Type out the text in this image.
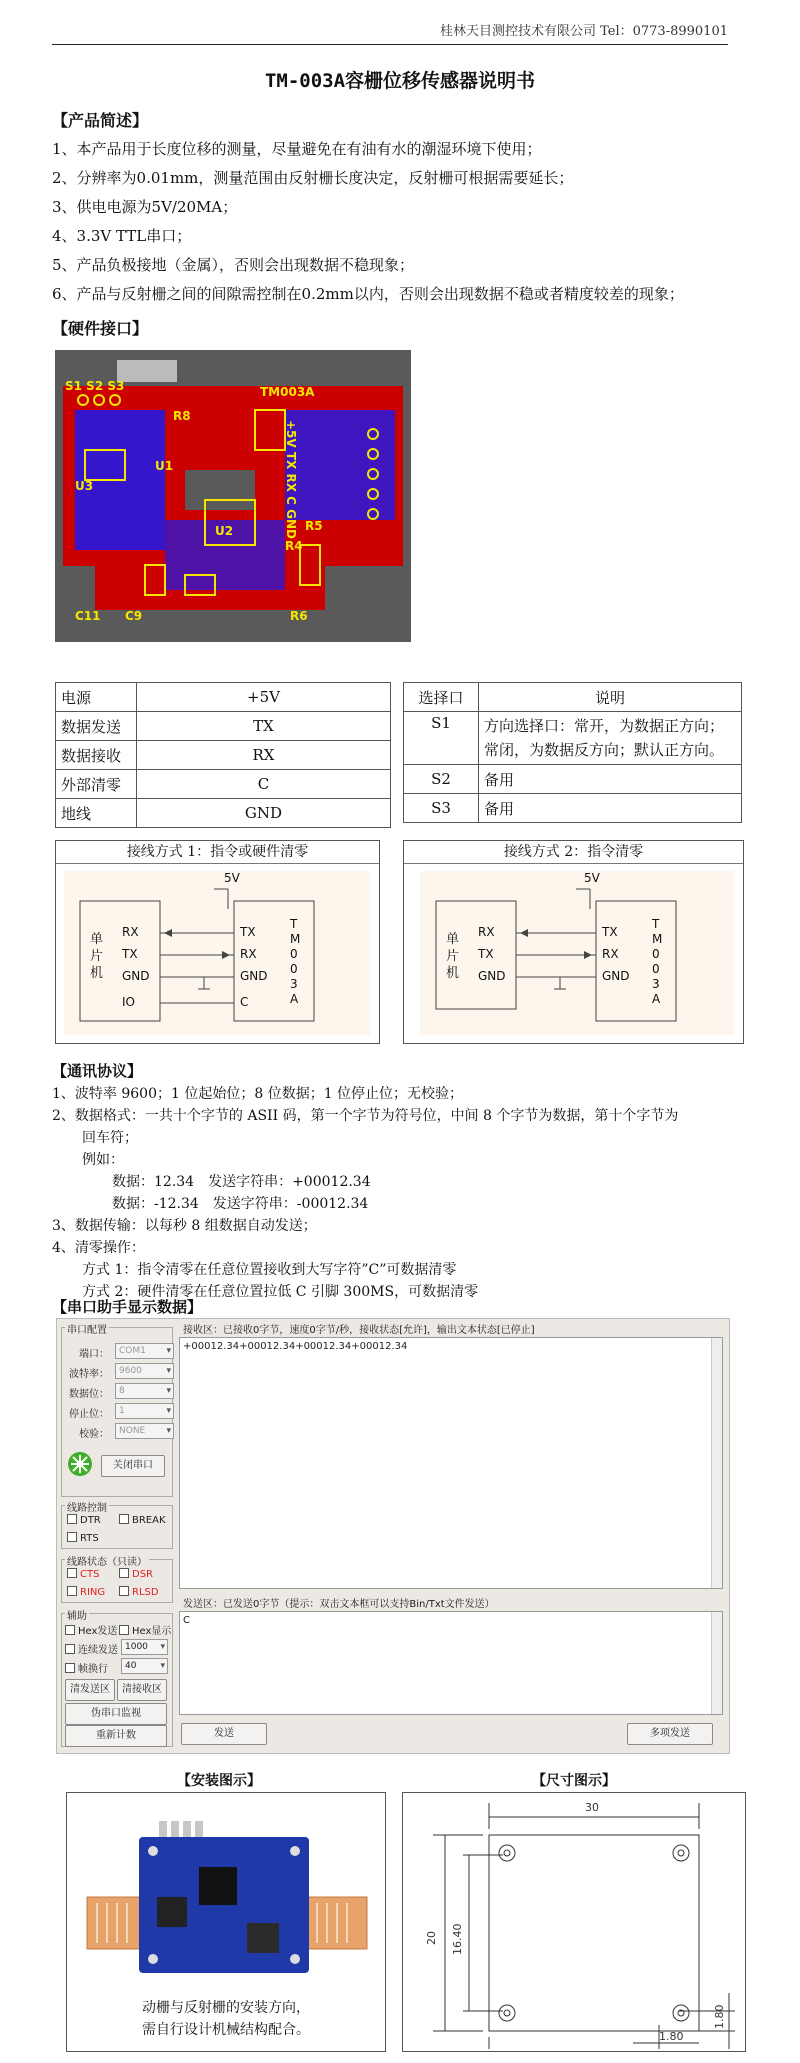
桂林天目测控技术有限公司 Tel：0773-8990101
TM-003A容栅位移传感器说明书
【产品简述】
1、本产品用于长度位移的测量，尽量避免在有油有水的潮湿环境下使用；
2、分辨率为0.01mm，测量范围由反射栅长度决定，反射栅可根据需要延长；
3、供电电源为5V/20MA；
4、3.3V TTL串口；
5、产品负极接地（金属），否则会出现数据不稳现象；
6、产品与反射栅之间的间隙需控制在0.2mm以内，否则会出现数据不稳或者精度较差的现象；
【硬件接口】
S1 S2 S3	TM003A
C11 C9	R6
U2
U3
R5
R8
R4
U1	+5V TX RX C GND
电源	+5V
数据发送	TX
数据接收	RX
外部清零	C
地线	GND
选择口	说明
S1	方向选择口：常开，为数据正方向；常闭，为数据反方向；默认正方向。
S2	备用
S3	备用
接线方式 1：指令或硬件清零
5V
单片机
RX
TX
GND
IO
TX
RX
GND
C
TM003A
接线方式 2：指令清零
5V
单片机
RX
TX
GND
TX
RX
GND
TM003A
【通讯协议】
1、波特率 9600；1 位起始位；8 位数据；1 位停止位；无校验；
2、数据格式：一共十个字节的 ASII 码，第一个字节为符号位，中间 8 个字节为数据，第十个字节为
回车符；
例如：
数据：12.34　发送字符串：+00012.34
数据：-12.34　发送字符串：-00012.34
3、数据传输：以每秒 8 组数据自动发送；
4、清零操作：
方式 1：指令清零在任意位置接收到大写字符”C”可数据清零
方式 2：硬件清零在任意位置拉低 C 引脚 300MS，可数据清零
【串口助手显示数据】
串口配置
端口：	COM1 ▾
波特率：	9600 ▾
数据位：	8 ▾
停止位：	1 ▾
校验：	NONE ▾
关闭串口
线路控制
DTR	BREAK
RTS
线路状态（只读）
CTS	DSR
RING	RLSD
辅助
Hex发送	Hex显示
连续发送 1000 ▾
帧换行	40 ▾
清发送区	清接收区
伪串口监视
重新计数
接收区：已接收0字节，速度0字节/秒，接收状态[允许]，输出文本状态[已停止]
+00012.34+00012.34+00012.34+00012.34
发送区：已发送0字节（提示：双击文本框可以支持Bin/Txt文件发送）
C
发送	多项发送
【安装图示】
动栅与反射栅的安装方向，
需自行设计机械结构配合。
【尺寸图示】
30
20 16.40
1.80
1.80
